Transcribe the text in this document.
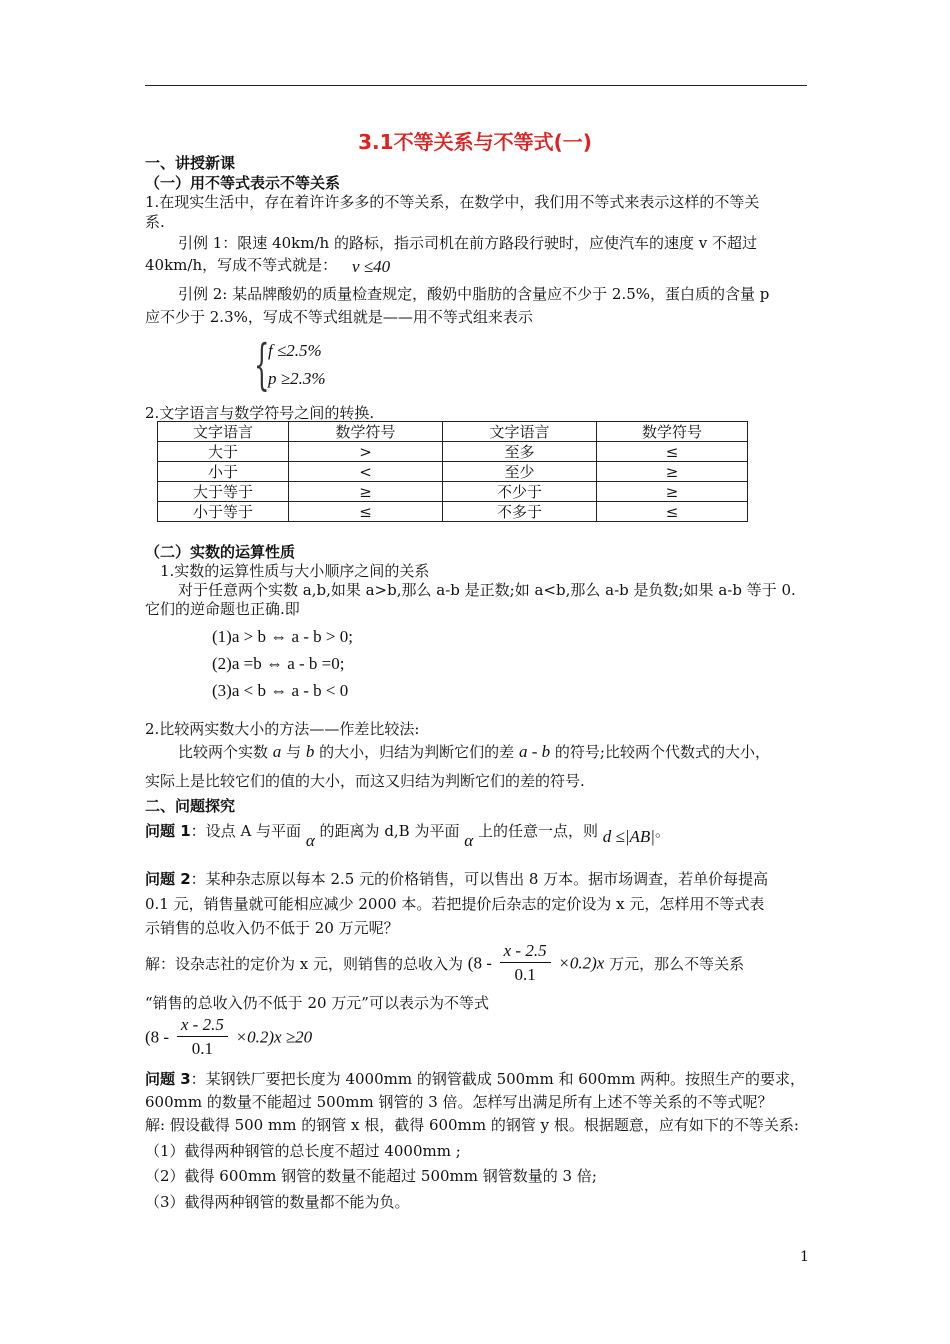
3.1不等关系与不等式(一)
一、讲授新课
（一）用不等式表示不等关系
1.在现实生活中，存在着许许多多的不等关系，在数学中，我们用不等式来表示这样的不等关
系.
引例 1：限速 40km/h 的路标，指示司机在前方路段行驶时，应使汽车的速度 v 不超过
40km/h，写成不等式就是： v ≤40
引例 2: 某品牌酸奶的质量检查规定，酸奶中脂肪的含量应不少于 2.5%，蛋白质的含量 p
应不少于 2.3%，写成不等式组就是——用不等式组来表示
{
f ≤2.5%
p ≥2.3%
2.文字语言与数学符号之间的转换.
文字语言	数学符号	文字语言	数学符号
大于	>	至多	≤
小于	<	至少	≥
大于等于	≥	不少于	≥
小于等于	≤	不多于	≤
（二）实数的运算性质
1.实数的运算性质与大小顺序之间的关系
对于任意两个实数 a,b,如果 a>b,那么 a-b 是正数;如 a<b,那么 a-b 是负数;如果 a-b 等于 0.
它们的逆命题也正确.即
(1)a > b ⇔ a - b > 0;
(2)a =b ⇔ a - b =0;
(3)a < b ⇔ a - b < 0
2.比较两实数大小的方法——作差比较法:
比较两个实数 a 与 b 的大小，归结为判断它们的差 a - b 的符号;比较两个代数式的大小，
实际上是比较它们的值的大小，而这又归结为判断它们的差的符号.
二、问题探究
问题 1：设点 A 与平面 α 的距离为 d,B 为平面 α 上的任意一点，则 d ≤|AB|。
问题 2：某种杂志原以每本 2.5 元的价格销售，可以售出 8 万本。据市场调查，若单价每提高
0.1 元，销售量就可能相应减少 2000 本。若把提价后杂志的定价设为 x 元，怎样用不等式表
示销售的总收入仍不低于 20 万元呢？
解：设杂志社的定价为 x 元，则销售的总收入为 $(8 - \frac{x - 2.5}{0.1} \times 0.2)x$ 万元，那么不等关系
“销售的总收入仍不低于 20 万元”可以表示为不等式
$(8 - \frac{x - 2.5}{0.1} \times 0.2)x \ge 20$
问题 3：某钢铁厂要把长度为 4000mm 的钢管截成 500mm 和 600mm 两种。按照生产的要求，
600mm 的数量不能超过 500mm 钢管的 3 倍。怎样写出满足所有上述不等关系的不等式呢？
解: 假设截得 500 mm 的钢管 x 根，截得 600mm 的钢管 y 根。根据题意，应有如下的不等关系:
（1）截得两种钢管的总长度不超过 4000mm ;
（2）截得 600mm 钢管的数量不能超过 500mm 钢管数量的 3 倍;
（3）截得两种钢管的数量都不能为负。
1
